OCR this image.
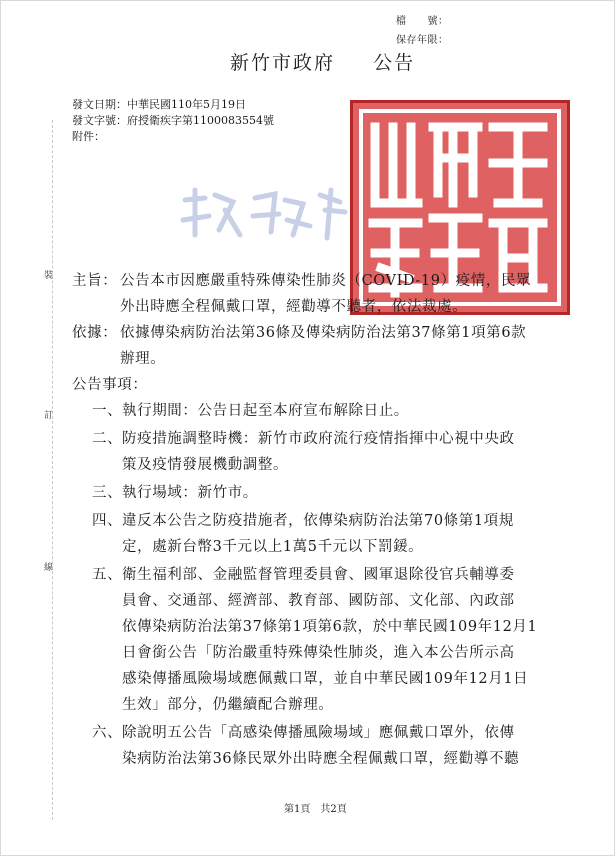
檔　　號：
保存年限：
新竹市政府 公告
發文日期：中華民國110年5月19日
發文字號：府授衛疾字第1100083554號
附件：
裝
訂
線
主旨： 公告本市因應嚴重特殊傳染性肺炎（COVID-19）疫情，民眾
外出時應全程佩戴口罩，經勸導不聽者，依法裁處。
依據： 依據傳染病防治法第36條及傳染病防治法第37條第1項第6款
辦理。
公告事項：
一、 執行期間：公告日起至本府宣布解除日止。
二、 防疫措施調整時機：新竹市政府流行疫情指揮中心視中央政
策及疫情發展機動調整。
三、 執行場域：新竹市。
四、 違反本公告之防疫措施者，依傳染病防治法第70條第1項規
定，處新台幣3千元以上1萬5千元以下罰鍰。
五、 衛生福利部、金融監督管理委員會、國軍退除役官兵輔導委
員會、交通部、經濟部、教育部、國防部、文化部、內政部
依傳染病防治法第37條第1項第6款，於中華民國109年12月1
日會銜公告「防治嚴重特殊傳染性肺炎，進入本公告所示高
感染傳播風險場域應佩戴口罩，並自中華民國109年12月1日
生效」部分，仍繼續配合辦理。
六、 除說明五公告「高感染傳播風險場域」應佩戴口罩外，依傳
染病防治法第36條民眾外出時應全程佩戴口罩，經勸導不聽
第1頁　共2頁
